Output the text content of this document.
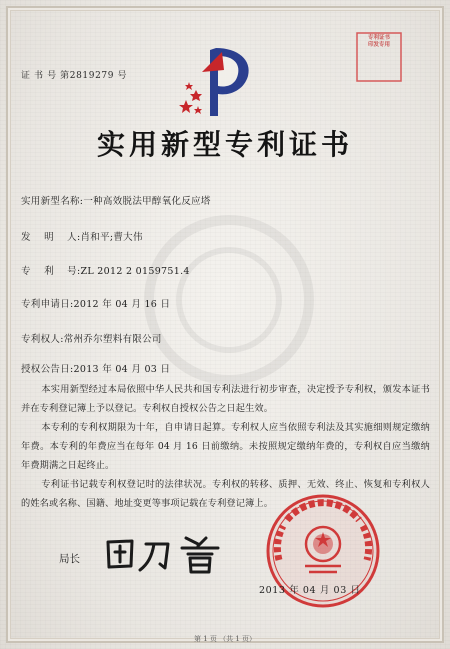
证 书 号 第2819279 号
专利证书
印发专用
实用新型专利证书
实用新型名称:一种高效脱法甲醇氧化反应塔
发    明    人:肖和平;曹大伟
专    利    号:ZL 2012 2 0159751.4
专利申请日:2012 年 04 月 16 日
专利权人:常州乔尔塑料有限公司
授权公告日:2013 年 04 月 03 日

本实用新型经过本局依照中华人民共和国专利法进行初步审查，决定授予专利权，颁发本证书并在专利登记簿上予以登记。专利权自授权公告之日起生效。

本专利的专利权期限为十年，自申请日起算。专利权人应当依照专利法及其实施细则规定缴纳年费。本专利的年费应当在每年 04 月 16 日前缴纳。未按照规定缴纳年费的，专利权自应当缴纳年费期满之日起终止。

专利证书记载专利权登记时的法律状况。专利权的转移、质押、无效、终止、恢复和专利权人的姓名或名称、国籍、地址变更等事项记载在专利登记簿上。

局长
2013 年 04 月 03 日
第 1 页 （共 1 页）
